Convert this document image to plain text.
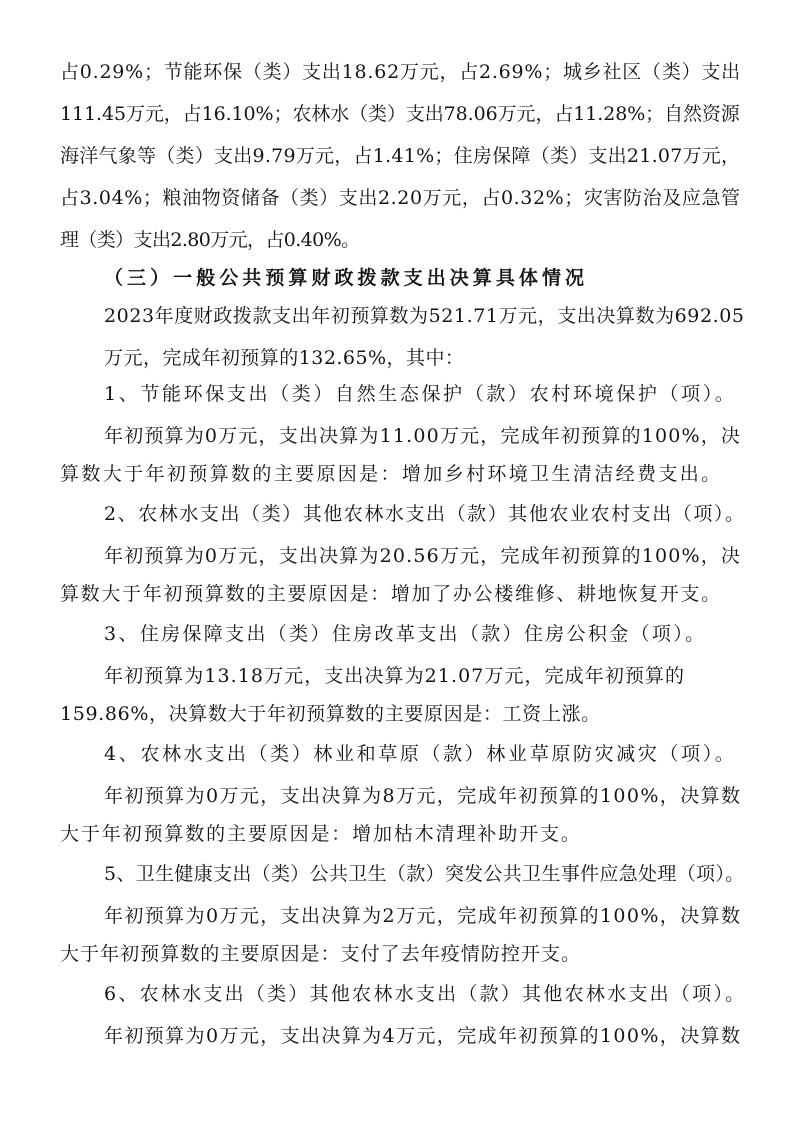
占0.29%；节能环保（类）支出18.62万元，占2.69%；城乡社区（类）支出
111.45万元，占16.10%；农林水（类）支出78.06万元，占11.28%；自然资源
海洋气象等（类）支出9.79万元，占1.41%；住房保障（类）支出21.07万元，
占3.04%；粮油物资储备（类）支出2.20万元，占0.32%；灾害防治及应急管
理（类）支出2.80万元，占0.40%。
（三）一般公共预算财政拨款支出决算具体情况
2023年度财政拨款支出年初预算数为521.71万元，支出决算数为692.05
万元，完成年初预算的132.65%，其中：
1、节能环保支出（类）自然生态保护（款）农村环境保护（项）。
年初预算为0万元，支出决算为11.00万元，完成年初预算的100%，决
算数大于年初预算数的主要原因是：增加乡村环境卫生清洁经费支出。
2、农林水支出（类）其他农林水支出（款）其他农业农村支出（项）。
年初预算为0万元，支出决算为20.56万元，完成年初预算的100%，决
算数大于年初预算数的主要原因是：增加了办公楼维修、耕地恢复开支。
3、住房保障支出（类）住房改革支出（款）住房公积金（项）。
年初预算为13.18万元，支出决算为21.07万元，完成年初预算的
159.86%，决算数大于年初预算数的主要原因是：工资上涨。
4、农林水支出（类）林业和草原（款）林业草原防灾减灾（项）。
年初预算为0万元，支出决算为8万元，完成年初预算的100%，决算数
大于年初预算数的主要原因是：增加枯木清理补助开支。
5、卫生健康支出（类）公共卫生（款）突发公共卫生事件应急处理（项）。
年初预算为0万元，支出决算为2万元，完成年初预算的100%，决算数
大于年初预算数的主要原因是：支付了去年疫情防控开支。
6、农林水支出（类）其他农林水支出（款）其他农林水支出（项）。
年初预算为0万元，支出决算为4万元，完成年初预算的100%，决算数
